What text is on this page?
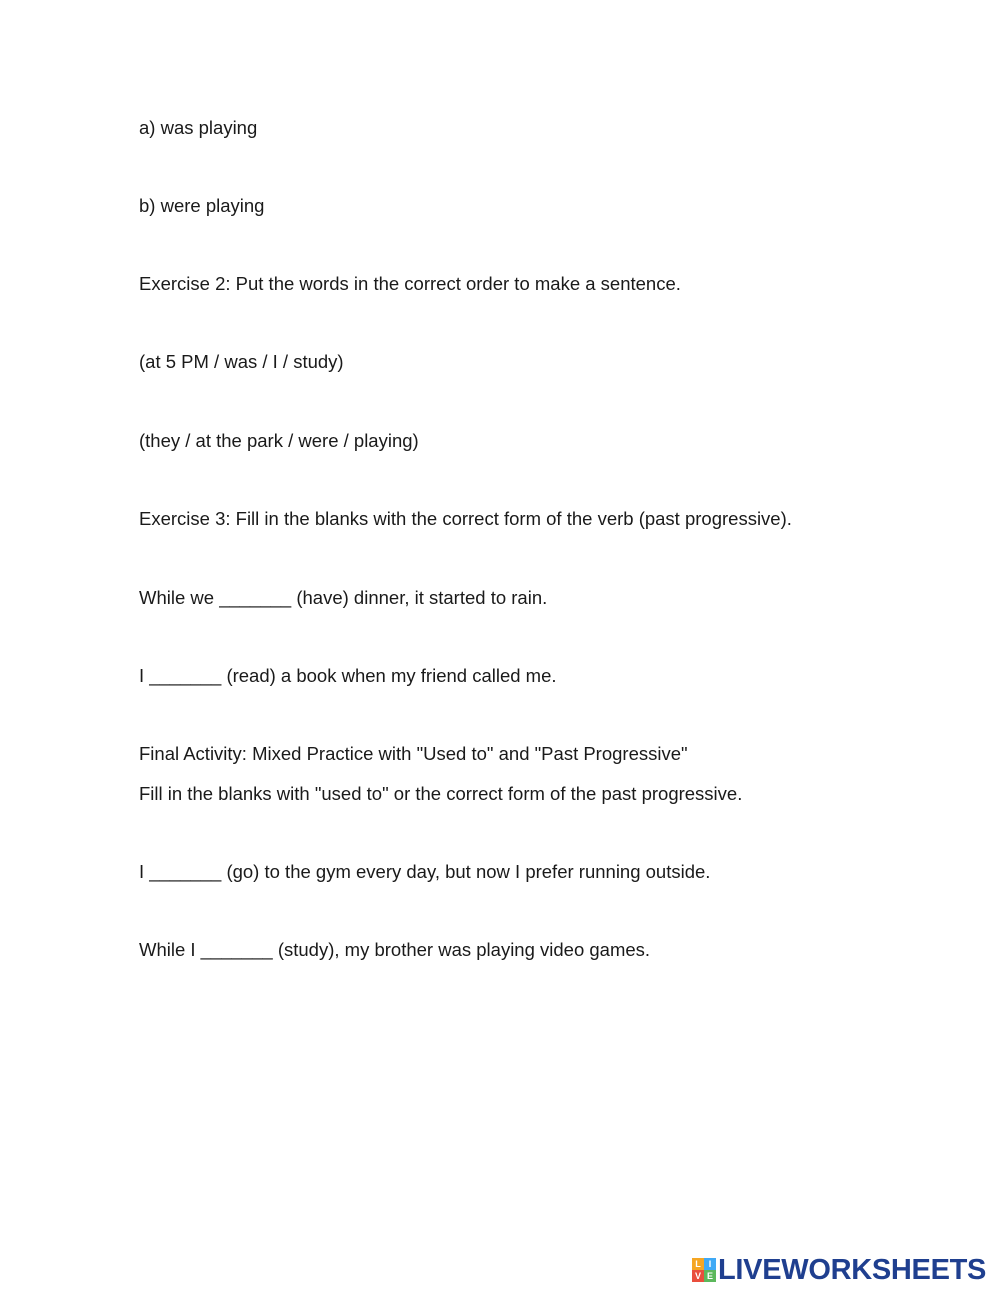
a) was playing
b) were playing
Exercise 2: Put the words in the correct order to make a sentence.
(at 5 PM / was / I / study)
(they / at the park / were / playing)
Exercise 3: Fill in the blanks with the correct form of the verb (past progressive).
While we _______ (have) dinner, it started to rain.
I _______ (read) a book when my friend called me.
Final Activity: Mixed Practice with "Used to" and "Past Progressive"
Fill in the blanks with "used to" or the correct form of the past progressive.
I _______ (go) to the gym every day, but now I prefer running outside.
While I _______ (study), my brother was playing video games.
L I
V E LIVEWORKSHEETS
